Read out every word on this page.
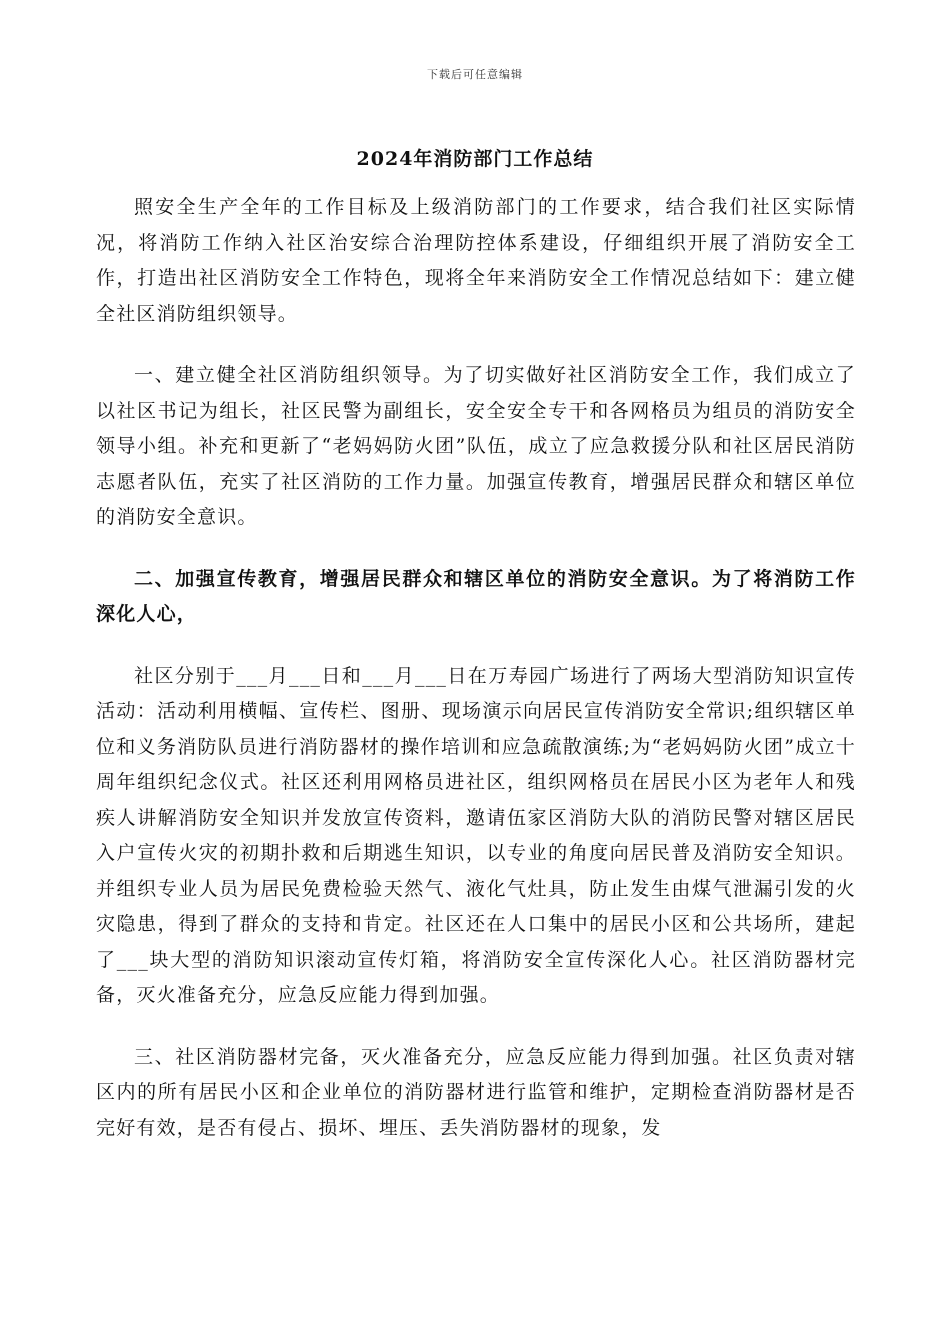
下载后可任意编辑
2024年消防部门工作总结

照安全生产全年的工作目标及上级消防部门的工作要求，结合我们社区实际情况，将消防工作纳入社区治安综合治理防控体系建设，仔细组织开展了消防安全工作，打造出社区消防安全工作特色，现将全年来消防安全工作情况总结如下：建立健全社区消防组织领导。

一、建立健全社区消防组织领导。为了切实做好社区消防安全工作，我们成立了以社区书记为组长，社区民警为副组长，安全安全专干和各网格员为组员的消防安全领导小组。补充和更新了“老妈妈防火团”队伍，成立了应急救援分队和社区居民消防志愿者队伍，充实了社区消防的工作力量。加强宣传教育，增强居民群众和辖区单位的消防安全意识。

二、加强宣传教育，增强居民群众和辖区单位的消防安全意识。为了将消防工作深化人心，

社区分别于___月___日和___月___日在万寿园广场进行了两场大型消防知识宣传活动：活动利用横幅、宣传栏、图册、现场演示向居民宣传消防安全常识;组织辖区单位和义务消防队员进行消防器材的操作培训和应急疏散演练;为“老妈妈防火团”成立十周年组织纪念仪式。社区还利用网格员进社区，组织网格员在居民小区为老年人和残疾人讲解消防安全知识并发放宣传资料，邀请伍家区消防大队的消防民警对辖区居民入户宣传火灾的初期扑救和后期逃生知识，以专业的角度向居民普及消防安全知识。并组织专业人员为居民免费检验天然气、液化气灶具，防止发生由煤气泄漏引发的火灾隐患，得到了群众的支持和肯定。社区还在人口集中的居民小区和公共场所，建起了___块大型的消防知识滚动宣传灯箱，将消防安全宣传深化人心。社区消防器材完备，灭火准备充分，应急反应能力得到加强。

三、社区消防器材完备，灭火准备充分，应急反应能力得到加强。社区负责对辖区内的所有居民小区和企业单位的消防器材进行监管和维护，定期检查消防器材是否完好有效，是否有侵占、损坏、埋压、丢失消防器材的现象，发
